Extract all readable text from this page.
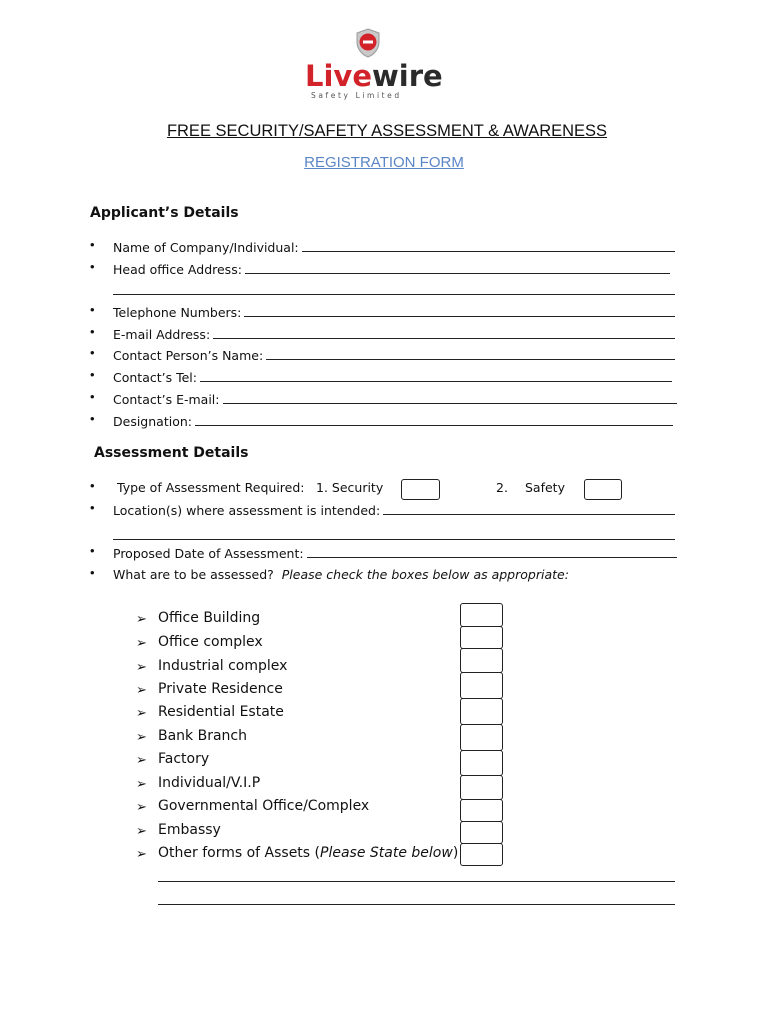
Livewire
Safety Limited
FREE SECURITY/SAFETY ASSESSMENT & AWARENESS
REGISTRATION FORM
Applicant’s Details
• Name of Company/Individual:
• Head office Address:
• Telephone Numbers:
• E-mail Address:
• Contact Person’s Name:
• Contact’s Tel:
• Contact’s E-mail:
• Designation:
Assessment Details
• Type of Assessment Required: 1. Security	2. Safety
• Location(s) where assessment is intended:
• Proposed Date of Assessment:
• What are to be assessed?
Please check the boxes below as appropriate:
➢ Office Building
➢ Office complex
➢ Industrial complex
➢ Private Residence
➢ Residential Estate
➢ Bank Branch
➢ Factory
➢ Individual/V.I.P
➢ Governmental Office/Complex
➢ Embassy
➢ Other forms of Assets (Please State below)
